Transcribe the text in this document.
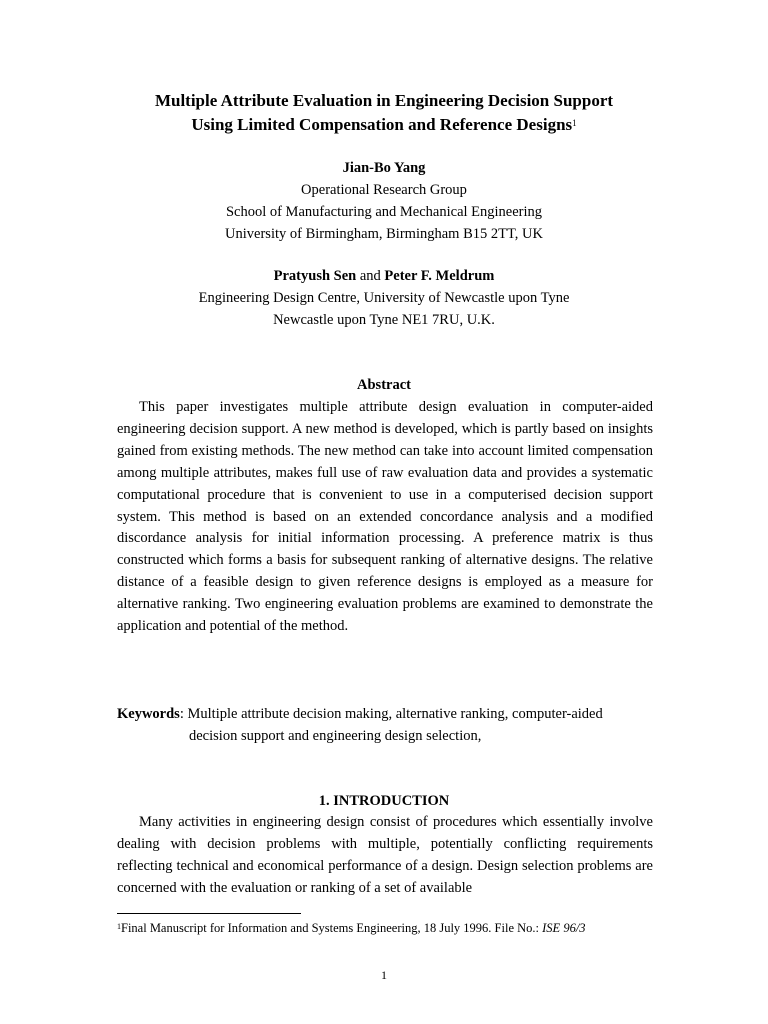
Multiple Attribute Evaluation in Engineering Decision Support
Using Limited Compensation and Reference Designs$^1$
Jian-Bo Yang
Operational Research Group
School of Manufacturing and Mechanical Engineering
University of Birmingham, Birmingham B15 2TT, UK
Pratyush Sen and Peter F. Meldrum
Engineering Design Centre, University of Newcastle upon Tyne
Newcastle upon Tyne NE1 7RU, U.K.
Abstract
This paper investigates multiple attribute design evaluation in computer-aided engineering decision support. A new method is developed, which is partly based on insights gained from existing methods. The new method can take into account limited compensation among multiple attributes, makes full use of raw evaluation data and provides a systematic computational procedure that is convenient to use in a computerised decision support system. This method is based on an extended concordance analysis and a modified discordance analysis for initial information processing. A preference matrix is thus constructed which forms a basis for subsequent ranking of alternative designs. The relative distance of a feasible design to given reference designs is employed as a measure for alternative ranking. Two engineering evaluation problems are examined to demonstrate the application and potential of the method.
Keywords: Multiple attribute decision making, alternative ranking, computer-aided
decision support and engineering design selection,
1. INTRODUCTION
Many activities in engineering design consist of procedures which essentially involve dealing with decision problems with multiple, potentially conflicting requirements reflecting technical and economical performance of a design. Design selection problems are concerned with the evaluation or ranking of a set of available
$^1$Final Manuscript for Information and Systems Engineering, 18 July 1996. File No.: ISE 96/3
1
